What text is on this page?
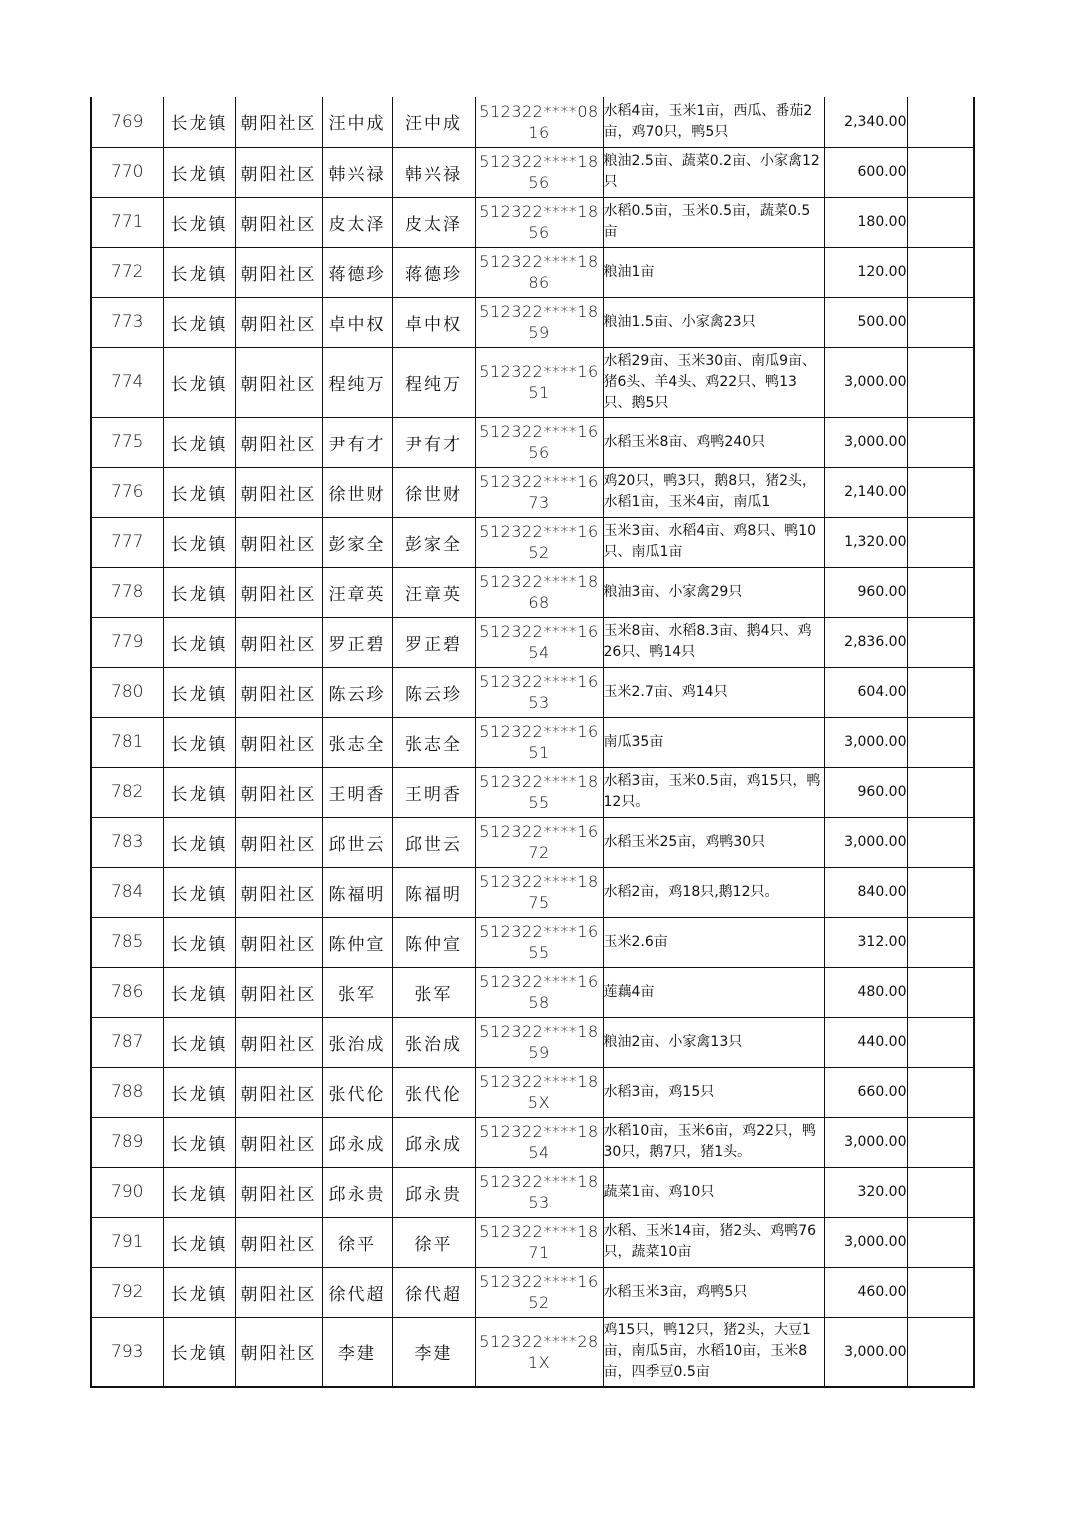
769	长龙镇	朝阳社区	汪中成	汪中成	512322****0816	水稻4亩，玉米1亩，西瓜、番茄2亩，鸡70只，鸭5只	2,340.00	
770	长龙镇	朝阳社区	韩兴禄	韩兴禄	512322****1856	粮油2.5亩、蔬菜0.2亩、小家禽12只	600.00	
771	长龙镇	朝阳社区	皮太泽	皮太泽	512322****1856	水稻0.5亩，玉米0.5亩，蔬菜0.5亩	180.00	
772	长龙镇	朝阳社区	蒋德珍	蒋德珍	512322****1886	粮油1亩	120.00	
773	长龙镇	朝阳社区	卓中权	卓中权	512322****1859	粮油1.5亩、小家禽23只	500.00	
774	长龙镇	朝阳社区	程纯万	程纯万	512322****1651	水稻29亩、玉米30亩、南瓜9亩、猪6头、羊4头、鸡22只、鸭13只、鹅5只	3,000.00	
775	长龙镇	朝阳社区	尹有才	尹有才	512322****1656	水稻玉米8亩、鸡鸭240只	3,000.00	
776	长龙镇	朝阳社区	徐世财	徐世财	512322****1673	鸡20只，鸭3只，鹅8只，猪2头，水稻1亩，玉米4亩，南瓜1	2,140.00	
777	长龙镇	朝阳社区	彭家全	彭家全	512322****1652	玉米3亩、水稻4亩、鸡8只、鸭10只、南瓜1亩	1,320.00	
778	长龙镇	朝阳社区	汪章英	汪章英	512322****1868	粮油3亩、小家禽29只	960.00	
779	长龙镇	朝阳社区	罗正碧	罗正碧	512322****1654	玉米8亩、水稻8.3亩、鹅4只、鸡26只、鸭14只	2,836.00	
780	长龙镇	朝阳社区	陈云珍	陈云珍	512322****1653	玉米2.7亩、鸡14只	604.00	
781	长龙镇	朝阳社区	张志全	张志全	512322****1651	南瓜35亩	3,000.00	
782	长龙镇	朝阳社区	王明香	王明香	512322****1855	水稻3亩，玉米0.5亩，鸡15只，鸭12只。	960.00	
783	长龙镇	朝阳社区	邱世云	邱世云	512322****1672	水稻玉米25亩，鸡鸭30只	3,000.00	
784	长龙镇	朝阳社区	陈福明	陈福明	512322****1875	水稻2亩，鸡18只,鹅12只。	840.00	
785	长龙镇	朝阳社区	陈仲宣	陈仲宣	512322****1655	玉米2.6亩	312.00	
786	长龙镇	朝阳社区	张军	张军	512322****1658	莲藕4亩	480.00	
787	长龙镇	朝阳社区	张治成	张治成	512322****1859	粮油2亩、小家禽13只	440.00	
788	长龙镇	朝阳社区	张代伦	张代伦	512322****185X	水稻3亩，鸡15只	660.00	
789	长龙镇	朝阳社区	邱永成	邱永成	512322****1854	水稻10亩，玉米6亩，鸡22只，鸭30只，鹅7只，猪1头。	3,000.00	
790	长龙镇	朝阳社区	邱永贵	邱永贵	512322****1853	蔬菜1亩、鸡10只	320.00	
791	长龙镇	朝阳社区	徐平	徐平	512322****1871	水稻、玉米14亩，猪2头、鸡鸭76只，蔬菜10亩	3,000.00	
792	长龙镇	朝阳社区	徐代超	徐代超	512322****1652	水稻玉米3亩，鸡鸭5只	460.00	
793	长龙镇	朝阳社区	李建	李建	512322****281X	鸡15只，鸭12只，猪2头，大豆1亩，南瓜5亩，水稻10亩，玉米8亩，四季豆0.5亩	3,000.00	
